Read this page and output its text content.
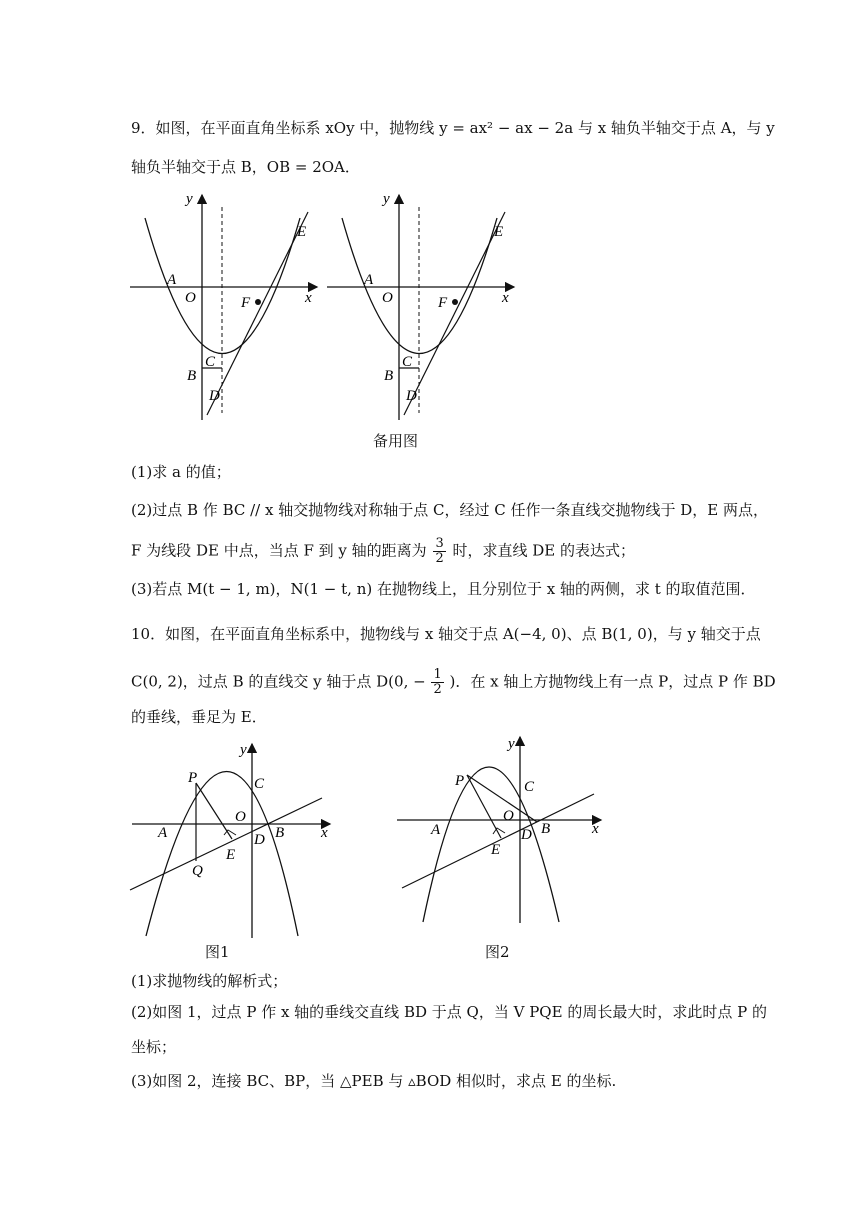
9．如图，在平面直角坐标系 xOy 中，抛物线 y = ax² − ax − 2a 与 x 轴负半轴交于点 A，与 y
轴负半轴交于点 B，OB = 2OA．
y
x
A
O	F
E
C
B
D
y
x
A
O	F
E
C
B
D
备用图
(1)求 a 的值；
(2)过点 B 作 BC // x 轴交抛物线对称轴于点 C，经过 C 任作一条直线交抛物线于 D，E 两点，
F 为线段 DE 中点，当点 F 到 y 轴的距离为 $\frac{3}{2}$ 时，求直线 DE 的表达式；
(3)若点 M(t − 1, m)，N(1 − t, n) 在抛物线上，且分别位于 x 轴的两侧，求 t 的取值范围．
10．如图，在平面直角坐标系中，抛物线与 x 轴交于点 A(−4, 0)、点 B(1, 0)，与 y 轴交于点
C(0, 2)，过点 B 的直线交 y 轴于点 D(0, − $\frac{1}{2}$ )．在 x 轴上方抛物线上有一点 P，过点 P 作 BD
的垂线，垂足为 E．
y
x
P	C
O
A
E
D B
Q
图1
y
x
P	C
O
A
E
D B
图2
(1)求抛物线的解析式；
(2)如图 1，过点 P 作 x 轴的垂线交直线 BD 于点 Q，当 V PQE 的周长最大时，求此时点 P 的
坐标；
(3)如图 2，连接 BC、BP，当 △PEB 与 ▵BOD 相似时，求点 E 的坐标.
